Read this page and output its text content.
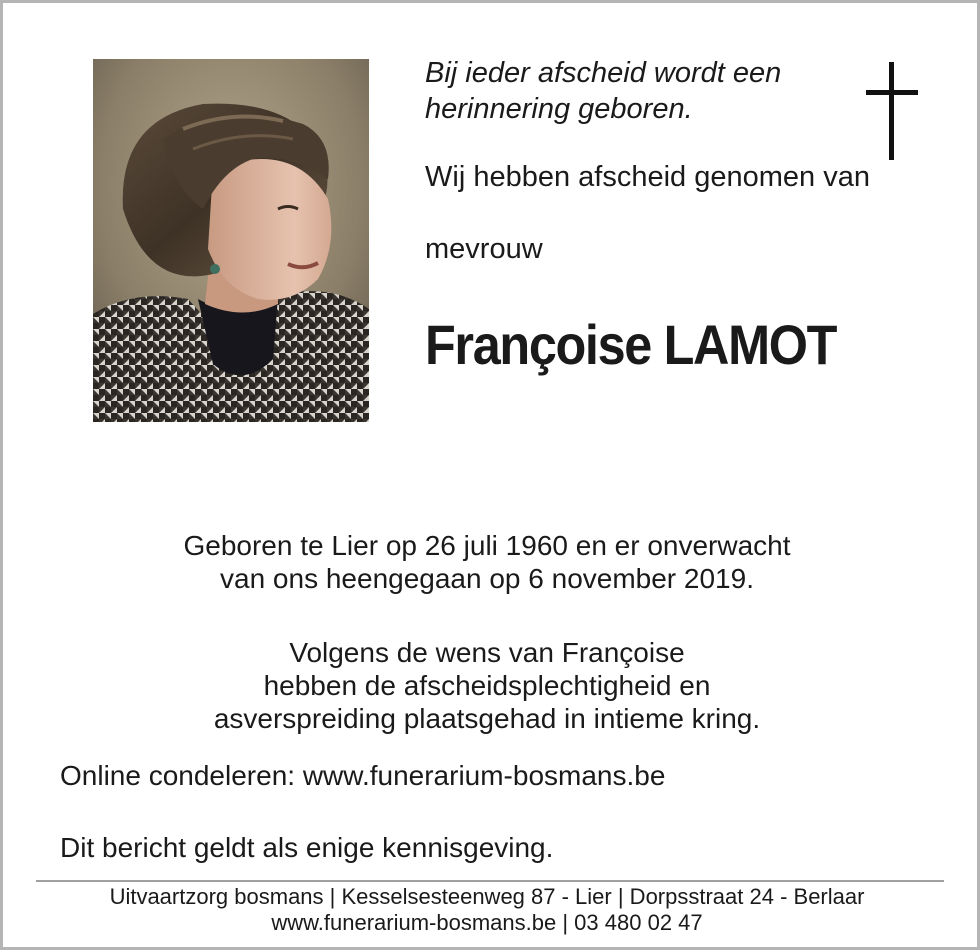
Bij ieder afscheid wordt een
herinnering geboren.
Wij hebben afscheid genomen van
mevrouw
Françoise LAMOT
Geboren te Lier op 26 juli 1960 en er onverwacht
van ons heengegaan op 6 november 2019.
Volgens de wens van Françoise
hebben de afscheidsplechtigheid en
asverspreiding plaatsgehad in intieme kring.
Online condeleren: www.funerarium-bosmans.be
Dit bericht geldt als enige kennisgeving.
Uitvaartzorg bosmans | Kesselsesteenweg 87 - Lier | Dorpsstraat 24 - Berlaar
www.funerarium-bosmans.be | 03 480 02 47
